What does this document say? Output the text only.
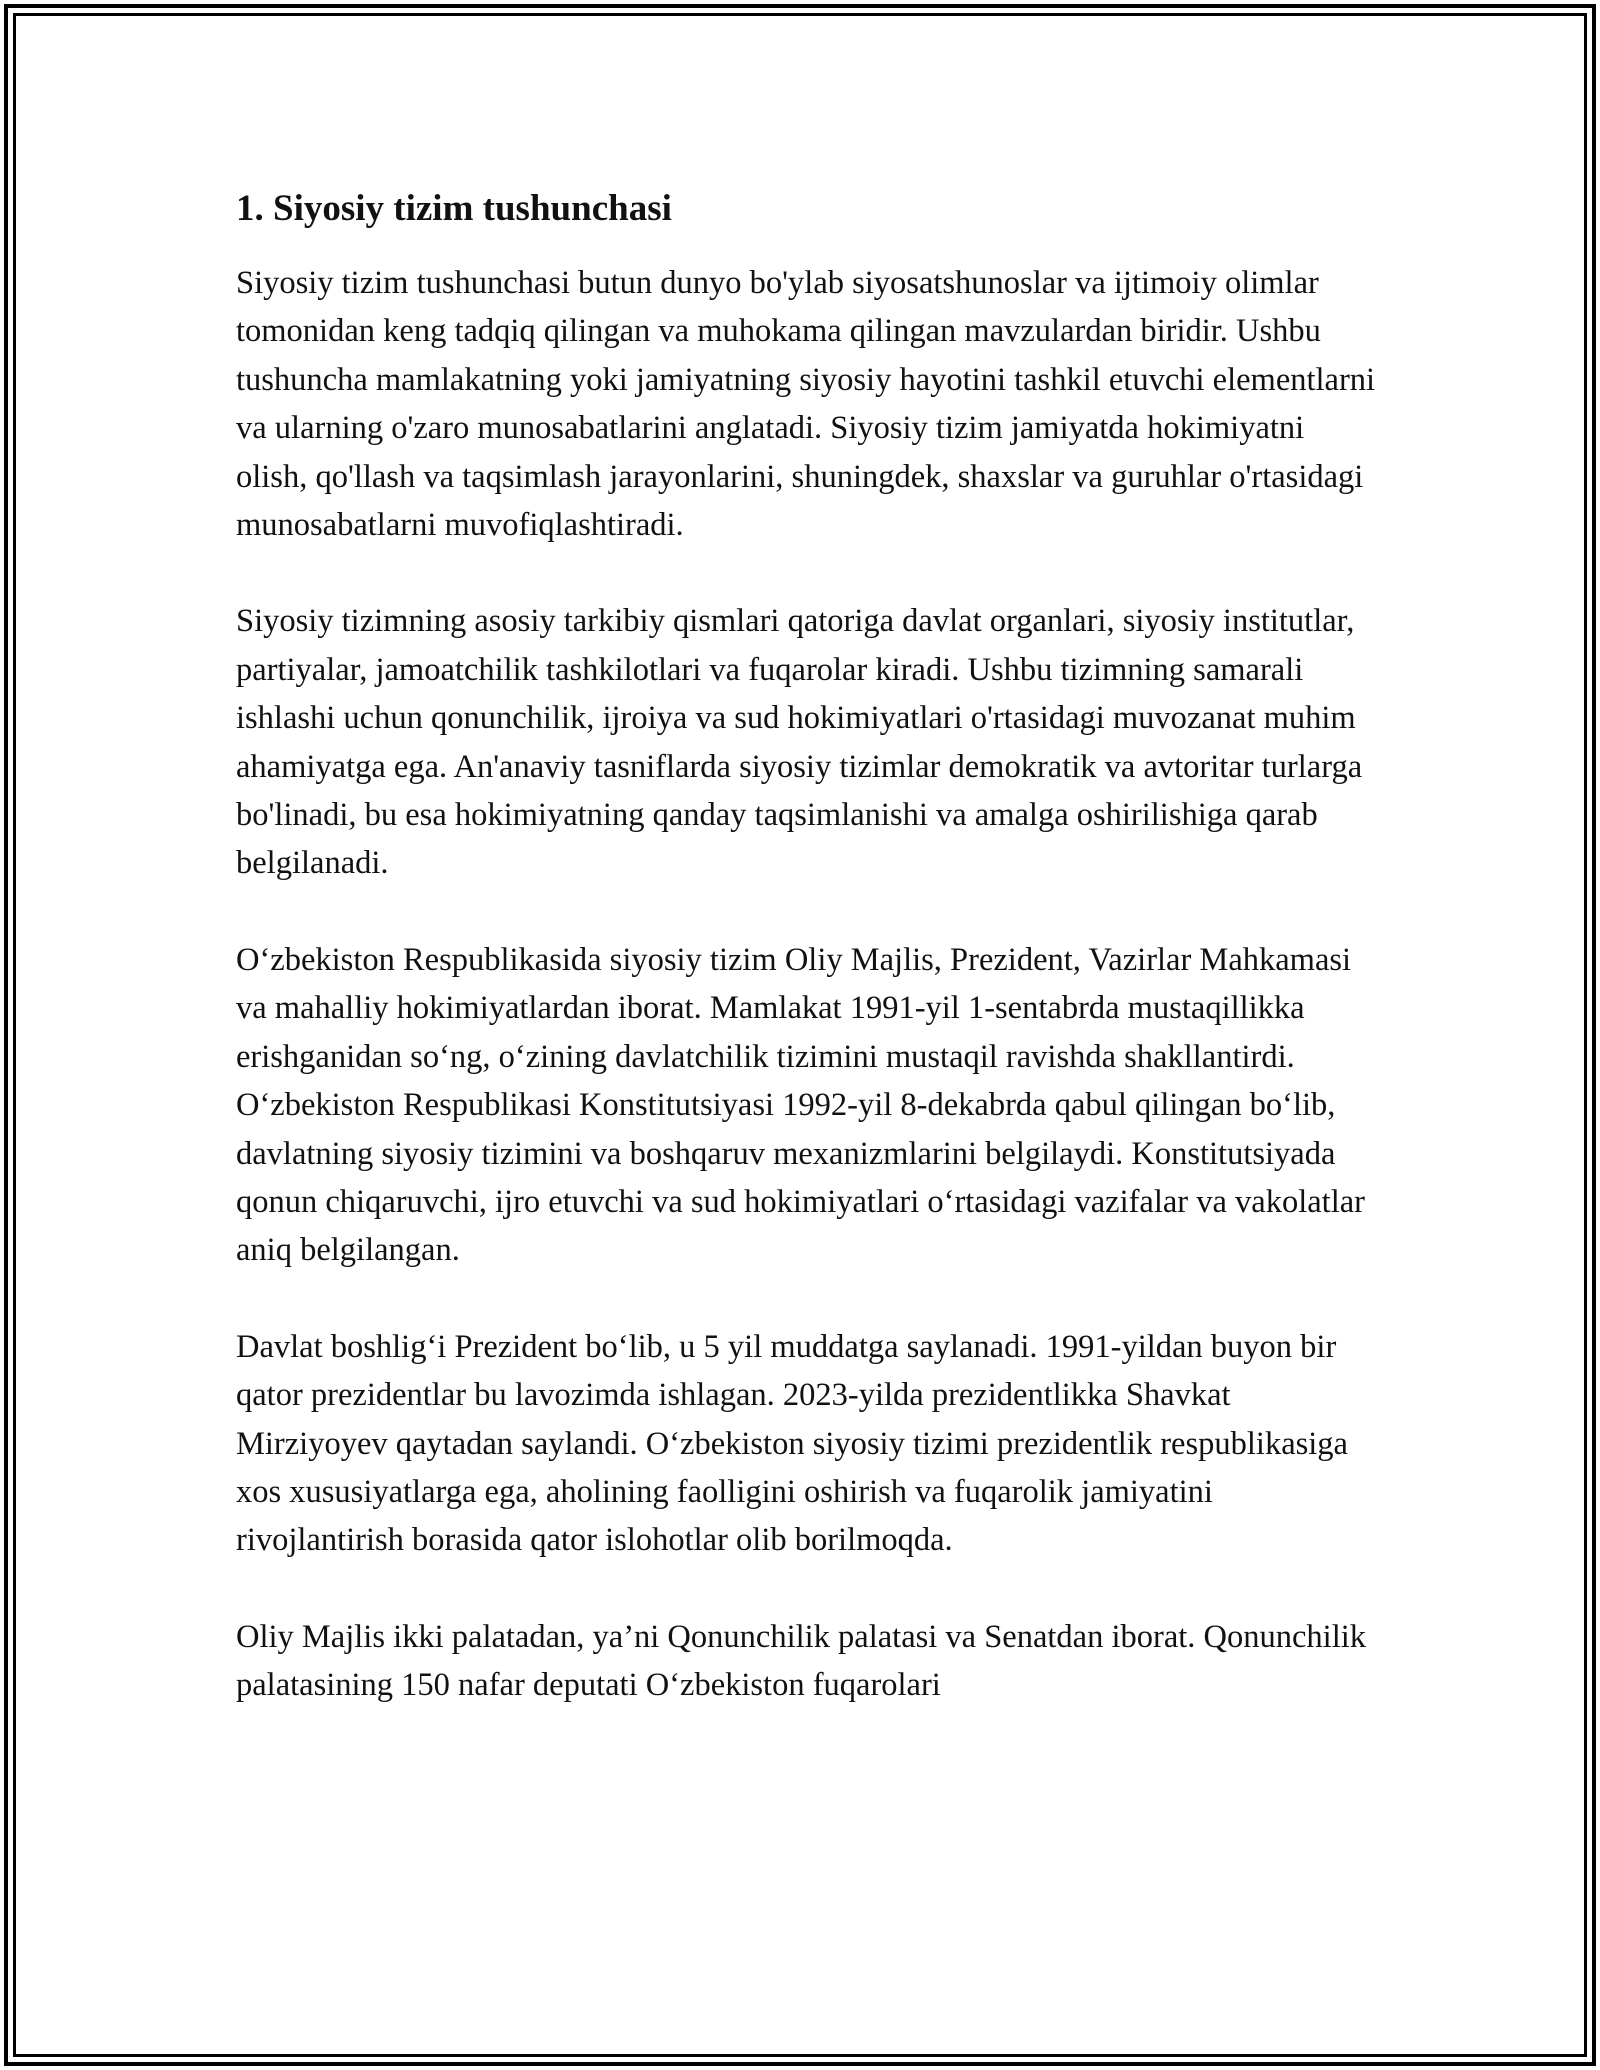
1. Siyosiy tizim tushunchasi

Siyosiy tizim tushunchasi butun dunyo bo'ylab siyosatshunoslar va ijtimoiy olimlar tomonidan keng tadqiq qilingan va muhokama qilingan mavzulardan biridir. Ushbu tushuncha mamlakatning yoki jamiyatning siyosiy hayotini tashkil etuvchi elementlarni va ularning o'zaro munosabatlarini anglatadi. Siyosiy tizim jamiyatda hokimiyatni olish, qo'llash va taqsimlash jarayonlarini, shuningdek, shaxslar va guruhlar o'rtasidagi munosabatlarni muvofiqlashtiradi.

Siyosiy tizimning asosiy tarkibiy qismlari qatoriga davlat organlari, siyosiy institutlar, partiyalar, jamoatchilik tashkilotlari va fuqarolar kiradi. Ushbu tizimning samarali ishlashi uchun qonunchilik, ijroiya va sud hokimiyatlari o'rtasidagi muvozanat muhim ahamiyatga ega. An'anaviy tasniflarda siyosiy tizimlar demokratik va avtoritar turlarga bo'linadi, bu esa hokimiyatning qanday taqsimlanishi va amalga oshirilishiga qarab belgilanadi.

O‘zbekiston Respublikasida siyosiy tizim Oliy Majlis, Prezident, Vazirlar Mahkamasi va mahalliy hokimiyatlardan iborat. Mamlakat 1991-yil 1-sentabrda mustaqillikka erishganidan so‘ng, o‘zining davlatchilik tizimini mustaqil ravishda shakllantirdi. O‘zbekiston Respublikasi Konstitutsiyasi 1992-yil 8-dekabrda qabul qilingan bo‘lib, davlatning siyosiy tizimini va boshqaruv mexanizmlarini belgilaydi. Konstitutsiyada qonun chiqaruvchi, ijro etuvchi va sud hokimiyatlari o‘rtasidagi vazifalar va vakolatlar aniq belgilangan.

Davlat boshlig‘i Prezident bo‘lib, u 5 yil muddatga saylanadi. 1991-yildan buyon bir qator prezidentlar bu lavozimda ishlagan. 2023-yilda prezidentlikka Shavkat Mirziyoyev qaytadan saylandi. O‘zbekiston siyosiy tizimi prezidentlik respublikasiga xos xususiyatlarga ega, aholining faolligini oshirish va fuqarolik jamiyatini rivojlantirish borasida qator islohotlar olib borilmoqda.

Oliy Majlis ikki palatadan, ya’ni Qonunchilik palatasi va Senatdan iborat. Qonunchilik palatasining 150 nafar deputati O‘zbekiston fuqarolari
